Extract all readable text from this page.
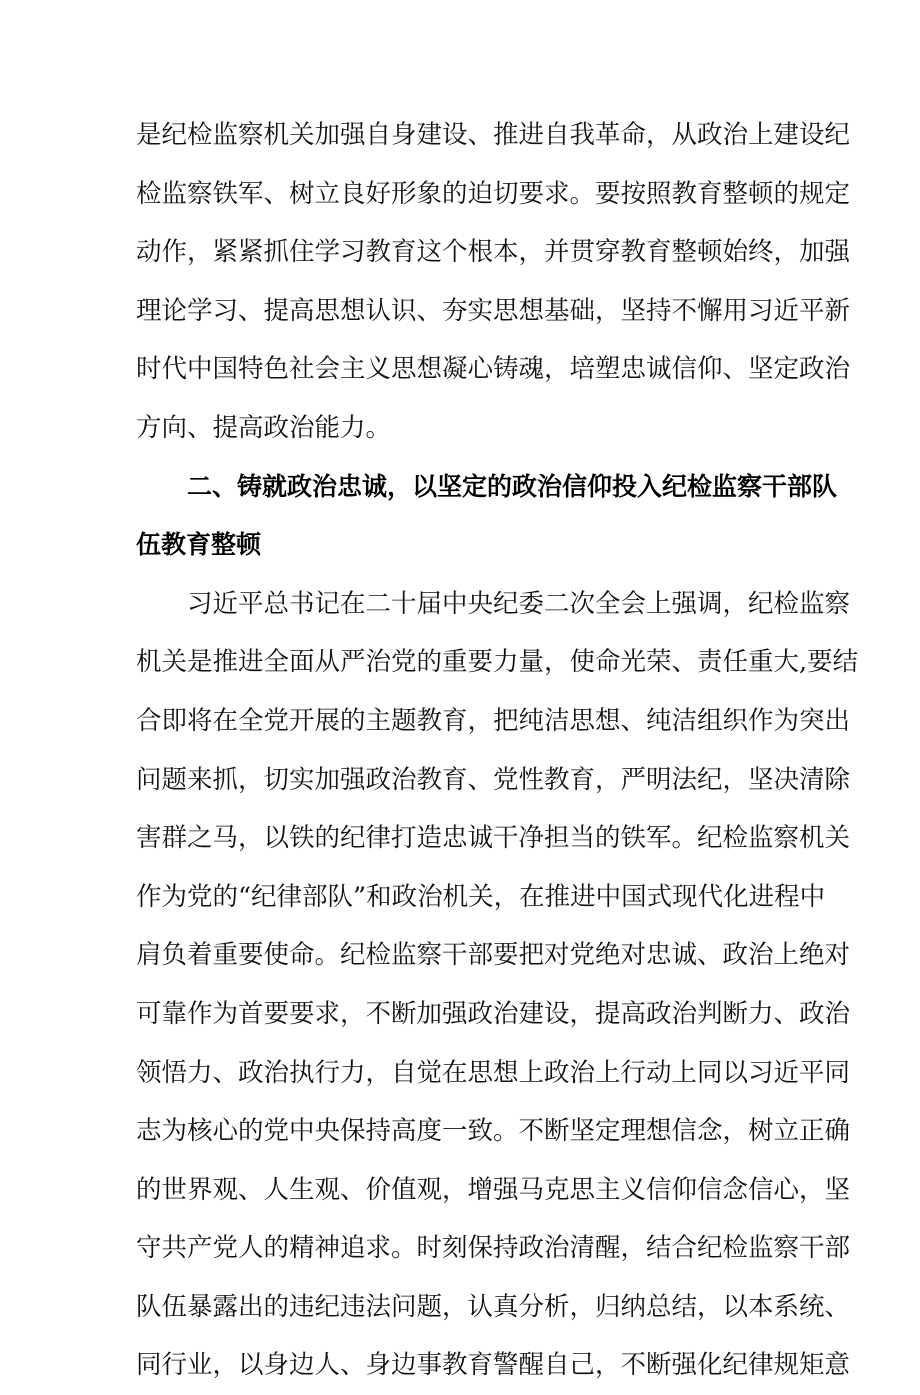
是纪检监察机关加强自身建设、推进自我革命，从政治上建设纪
检监察铁军、树立良好形象的迫切要求。要按照教育整顿的规定
动作，紧紧抓住学习教育这个根本，并贯穿教育整顿始终，加强
理论学习、提高思想认识、夯实思想基础，坚持不懈用习近平新
时代中国特色社会主义思想凝心铸魂，培塑忠诚信仰、坚定政治
方向、提高政治能力。
二、铸就政治忠诚，以坚定的政治信仰投入纪检监察干部队
伍教育整顿
习近平总书记在二十届中央纪委二次全会上强调，纪检监察
机关是推进全面从严治党的重要力量，使命光荣、责任重大,要结
合即将在全党开展的主题教育，把纯洁思想、纯洁组织作为突出
问题来抓，切实加强政治教育、党性教育，严明法纪，坚决清除
害群之马，以铁的纪律打造忠诚干净担当的铁军。纪检监察机关
作为党的“纪律部队”和政治机关，在推进中国式现代化进程中
肩负着重要使命。纪检监察干部要把对党绝对忠诚、政治上绝对
可靠作为首要要求，不断加强政治建设，提高政治判断力、政治
领悟力、政治执行力，自觉在思想上政治上行动上同以习近平同
志为核心的党中央保持高度一致。不断坚定理想信念，树立正确
的世界观、人生观、价值观，增强马克思主义信仰信念信心，坚
守共产党人的精神追求。时刻保持政治清醒，结合纪检监察干部
队伍暴露出的违纪违法问题，认真分析，归纳总结，以本系统、
同行业，以身边人、身边事教育警醒自己，不断强化纪律规矩意
